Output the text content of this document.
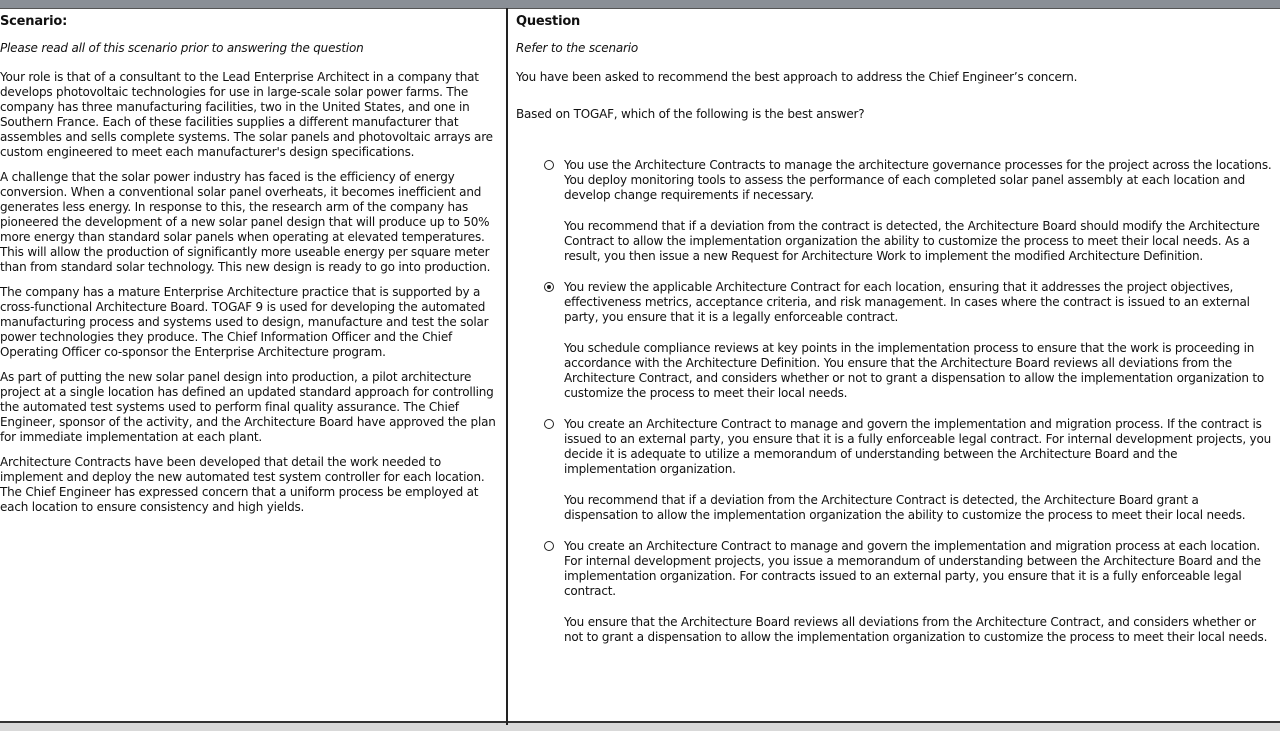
Scenario:
Please read all of this scenario prior to answering the question
Your role is that of a consultant to the Lead Enterprise Architect in a company that develops photovoltaic technologies for use in large-scale solar power farms. The company has three manufacturing facilities, two in the United States, and one in Southern France. Each of these facilities supplies a different manufacturer that assembles and sells complete systems. The solar panels and photovoltaic arrays are custom engineered to meet each manufacturer's design specifications.
A challenge that the solar power industry has faced is the efficiency of energy conversion. When a conventional solar panel overheats, it becomes inefficient and generates less energy. In response to this, the research arm of the company has pioneered the development of a new solar panel design that will produce up to 50% more energy than standard solar panels when operating at elevated temperatures. This will allow the production of significantly more useable energy per square meter than from standard solar technology. This new design is ready to go into production.
The company has a mature Enterprise Architecture practice that is supported by a cross-functional Architecture Board. TOGAF 9 is used for developing the automated manufacturing process and systems used to design, manufacture and test the solar power technologies they produce. The Chief Information Officer and the Chief Operating Officer co-sponsor the Enterprise Architecture program.
As part of putting the new solar panel design into production, a pilot architecture project at a single location has defined an updated standard approach for controlling the automated test systems used to perform final quality assurance. The Chief Engineer, sponsor of the activity, and the Architecture Board have approved the plan for immediate implementation at each plant.
Architecture Contracts have been developed that detail the work needed to implement and deploy the new automated test system controller for each location. The Chief Engineer has expressed concern that a uniform process be employed at each location to ensure consistency and high yields.
Question
Refer to the scenario
You have been asked to recommend the best approach to address the Chief Engineer’s concern.
Based on TOGAF, which of the following is the best answer?

You use the Architecture Contracts to manage the architecture governance processes for the project across the locations. You deploy monitoring tools to assess the performance of each completed solar panel assembly at each location and develop change requirements if necessary.

You recommend that if a deviation from the contract is detected, the Architecture Board should modify the Architecture Contract to allow the implementation organization the ability to customize the process to meet their local needs. As a result, you then issue a new Request for Architecture Work to implement the modified Architecture Definition.

You review the applicable Architecture Contract for each location, ensuring that it addresses the project objectives, effectiveness metrics, acceptance criteria, and risk management. In cases where the contract is issued to an external party, you ensure that it is a legally enforceable contract.

You schedule compliance reviews at key points in the implementation process to ensure that the work is proceeding in accordance with the Architecture Definition. You ensure that the Architecture Board reviews all deviations from the Architecture Contract, and considers whether or not to grant a dispensation to allow the implementation organization to customize the process to meet their local needs.

You create an Architecture Contract to manage and govern the implementation and migration process. If the contract is issued to an external party, you ensure that it is a fully enforceable legal contract. For internal development projects, you decide it is adequate to utilize a memorandum of understanding between the Architecture Board and the implementation organization.

You recommend that if a deviation from the Architecture Contract is detected, the Architecture Board grant a dispensation to allow the implementation organization the ability to customize the process to meet their local needs.

You create an Architecture Contract to manage and govern the implementation and migration process at each location. For internal development projects, you issue a memorandum of understanding between the Architecture Board and the implementation organization. For contracts issued to an external party, you ensure that it is a fully enforceable legal contract.

You ensure that the Architecture Board reviews all deviations from the Architecture Contract, and considers whether or not to grant a dispensation to allow the implementation organization to customize the process to meet their local needs.
